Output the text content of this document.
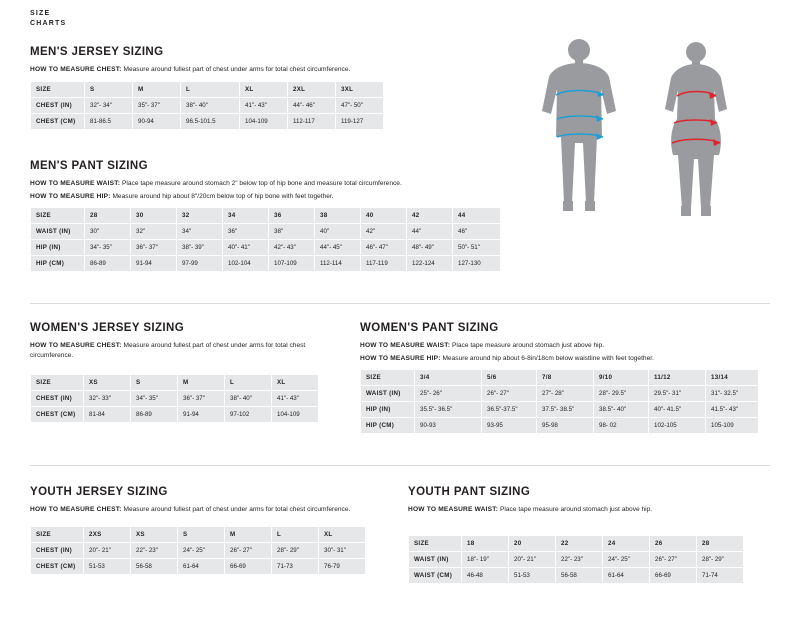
SIZE
CHARTS
MEN'S JERSEY SIZING

HOW TO MEASURE CHEST: Measure around fullest part of chest under arms for total chest circumference.

SIZE	S	M	L	XL	2XL	3XL
CHEST (IN)	32"- 34"	35"- 37"	38"- 40"	41"- 43"	44"- 46"	47"- 50"
CHEST (CM)	81-86.5	90-94	96.5-101.5	104-109	112-117	119-127
MEN'S PANT SIZING

HOW TO MEASURE WAIST: Place tape measure around stomach 2" below top of hip bone and measure total circumference.

HOW TO MEASURE HIP: Measure around hip about 8"/20cm below top of hip bone with feet together.

SIZE	28	30	32	34	36	38	40	42	44
WAIST (IN)	30"	32"	34"	36"	38"	40"	42"	44"	46"
HIP (IN)	34"- 35"	36"- 37"	38"- 39"	40"- 41"	42"- 43"	44"- 45"	46"- 47"	48"- 49"	50"- 51"
HIP (CM)	86-89	91-94	97-99	102-104	107-109	112-114	117-119	122-124	127-130
WOMEN'S JERSEY SIZING

HOW TO MEASURE CHEST: Measure around fullest part of chest under arms for total chest circumference.

SIZE	XS	S	M	L	XL
CHEST (IN)	32"- 33"	34"- 35"	36"- 37"	38"- 40"	41"- 43"
CHEST (CM)	81-84	86-89	91-94	97-102	104-109
WOMEN'S PANT SIZING

HOW TO MEASURE WAIST: Place tape measure around stomach just above hip.

HOW TO MEASURE HIP: Measure around hip about 6-8in/18cm below waistline with feet together.

SIZE	3/4	5/6	7/8	9/10	11/12	13/14
WAIST (IN)	25"- 26"	26"- 27"	27"- 28"	28"- 29.5"	29.5"- 31"	31"- 32.5"
HIP (IN)	35.5"- 36.5"	36.5"-37.5"	37.5"- 38.5"	38.5"- 40"	40"- 41.5"	41.5"- 43"
HIP (CM)	90-93	93-95	95-98	98- 02	102-105	105-109
YOUTH JERSEY SIZING

HOW TO MEASURE CHEST: Measure around fullest part of chest under arms for total chest circumference.

SIZE	2XS	XS	S	M	L	XL
CHEST (IN)	20"- 21"	22"- 23"	24"- 25"	26"- 27"	28"- 29"	30"- 31"
CHEST (CM)	51-53	56-58	61-64	66-69	71-73	76-79
YOUTH PANT SIZING

HOW TO MEASURE WAIST: Place tape measure around stomach just above hip.

SIZE	18	20	22	24	26	28
WAIST (IN)	18"- 19"	20"- 21"	22"- 23"	24"- 25"	26"- 27"	28"- 29"
WAIST (CM)	46-48	51-53	56-58	61-64	66-69	71-74
